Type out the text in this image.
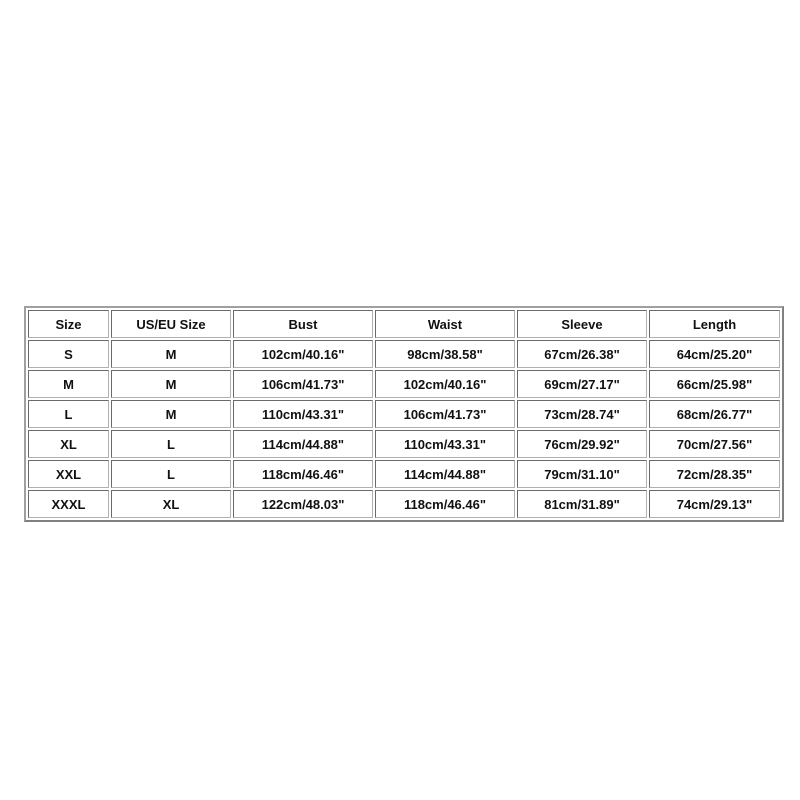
Size	US/EU Size	Bust	Waist	Sleeve	Length
S	M	102cm/40.16"	98cm/38.58"	67cm/26.38"	64cm/25.20"
M	M	106cm/41.73"	102cm/40.16"	69cm/27.17"	66cm/25.98"
L	M	110cm/43.31"	106cm/41.73"	73cm/28.74"	68cm/26.77"
XL	L	114cm/44.88"	110cm/43.31"	76cm/29.92"	70cm/27.56"
XXL	L	118cm/46.46"	114cm/44.88"	79cm/31.10"	72cm/28.35"
XXXL	XL	122cm/48.03"	118cm/46.46"	81cm/31.89"	74cm/29.13"
